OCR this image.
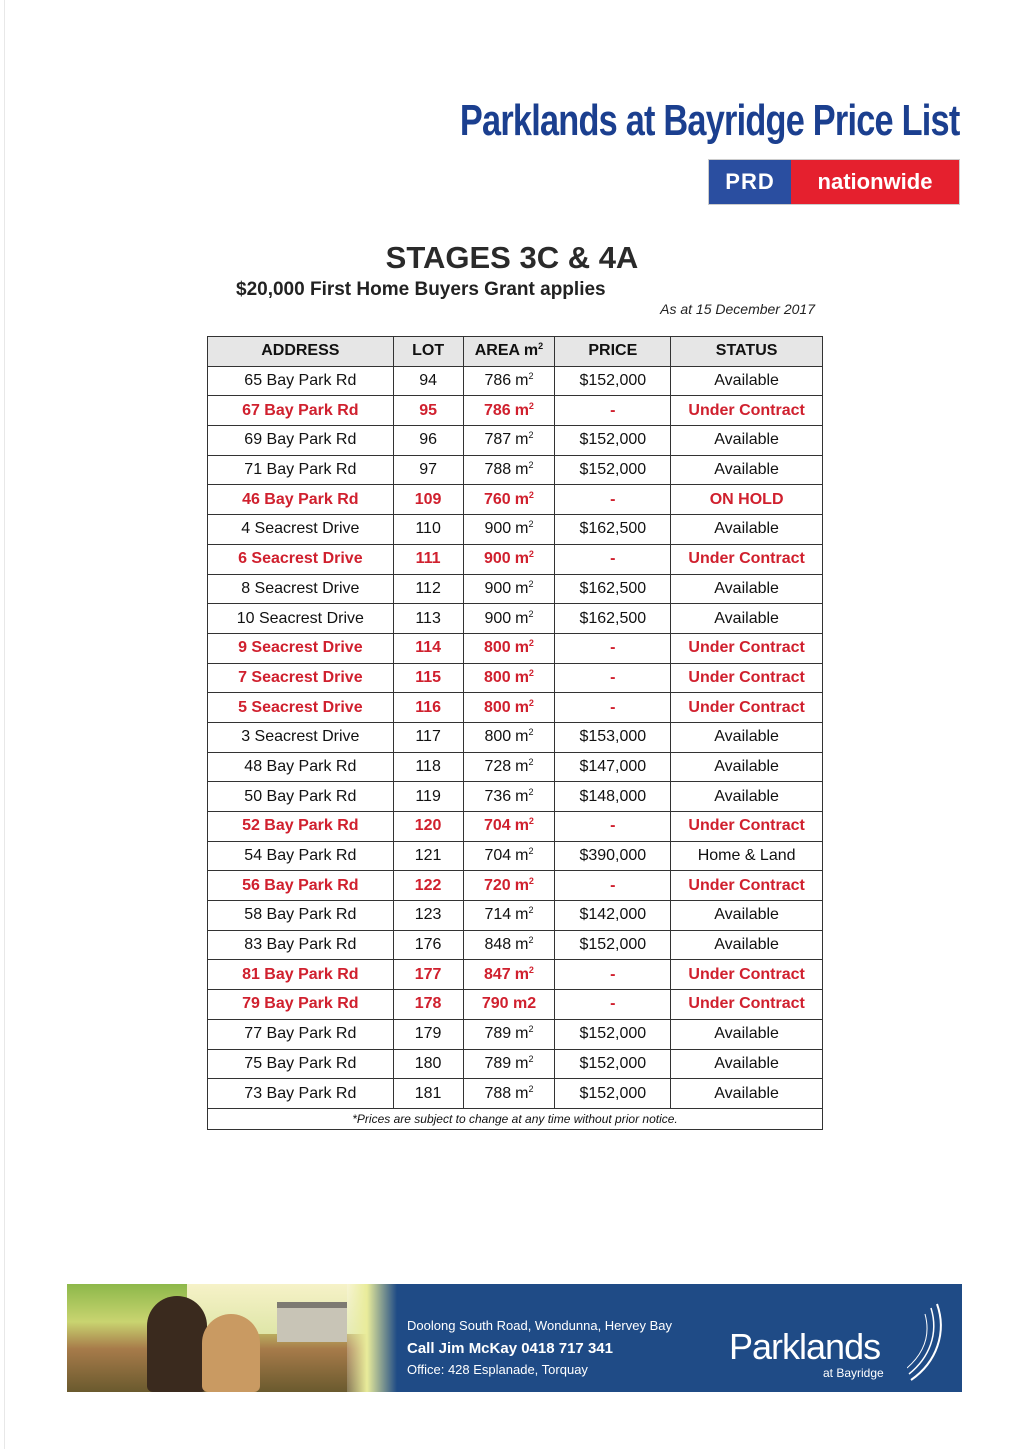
Parklands at Bayridge Price List
PRD	nationwide
STAGES 3C & 4A
$20,000 First Home Buyers Grant applies
As at 15 December 2017
ADDRESS	LOT	AREA $m^2$	PRICE	STATUS
65 Bay Park Rd	94	786 $m^2$	$152,000	Available
67 Bay Park Rd	95	786 $m^2$	-	Under Contract
69 Bay Park Rd	96	787 $m^2$	$152,000	Available
71 Bay Park Rd	97	788 $m^2$	$152,000	Available
46 Bay Park Rd	109	760 $m^2$	-	ON HOLD
4 Seacrest Drive	110	900 $m^2$	$162,500	Available
6 Seacrest Drive	111	900 $m^2$	-	Under Contract
8 Seacrest Drive	112	900 $m^2$	$162,500	Available
10 Seacrest Drive	113	900 $m^2$	$162,500	Available
9 Seacrest Drive	114	800 $m^2$	-	Under Contract
7 Seacrest Drive	115	800 $m^2$	-	Under Contract
5 Seacrest Drive	116	800 $m^2$	-	Under Contract
3 Seacrest Drive	117	800 $m^2$	$153,000	Available
48 Bay Park Rd	118	728 $m^2$	$147,000	Available
50 Bay Park Rd	119	736 $m^2$	$148,000	Available
52 Bay Park Rd	120	704 $m^2$	-	Under Contract
54 Bay Park Rd	121	704 $m^2$	$390,000	Home & Land
56 Bay Park Rd	122	720 $m^2$	-	Under Contract
58 Bay Park Rd	123	714 $m^2$	$142,000	Available
83 Bay Park Rd	176	848 $m^2$	$152,000	Available
81 Bay Park Rd	177	847 $m^2$	-	Under Contract
79 Bay Park Rd	178	790 m2	-	Under Contract
77 Bay Park Rd	179	789 $m^2$	$152,000	Available
75 Bay Park Rd	180	789 $m^2$	$152,000	Available
73 Bay Park Rd	181	788 $m^2$	$152,000	Available
*Prices are subject to change at any time without prior notice.				
Doolong South Road, Wondunna, Hervey Bay
Call Jim McKay 0418 717 341
Office: 428 Esplanade, Torquay
Parklands
at Bayridge
